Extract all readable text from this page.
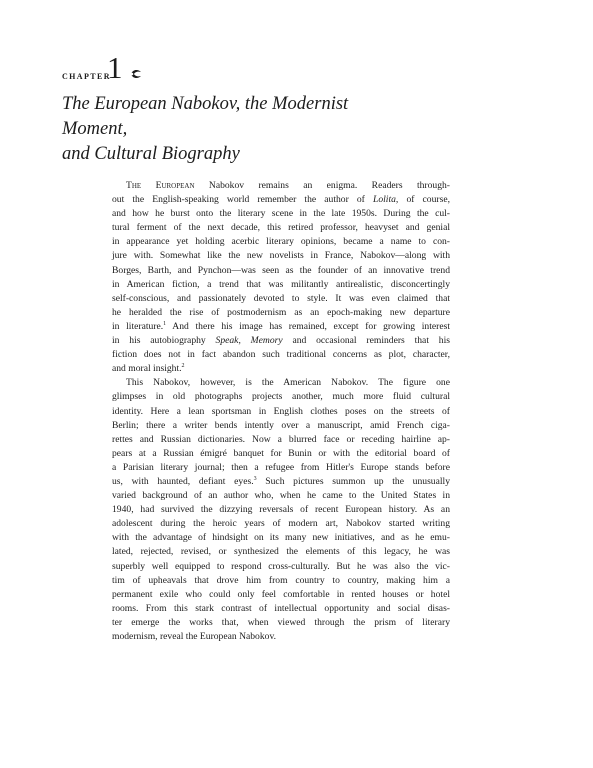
CHAPTER
1
The European Nabokov, the Modernist Moment,
and Cultural Biography
The European Nabokov remains an enigma. Readers through-
out the English-speaking world remember the author of Lolita, of course,
and how he burst onto the literary scene in the late 1950s. During the cul-
tural ferment of the next decade, this retired professor, heavyset and genial
in appearance yet holding acerbic literary opinions, became a name to con-
jure with. Somewhat like the new novelists in France, Nabokov—along with
Borges, Barth, and Pynchon—was seen as the founder of an innovative trend
in American fiction, a trend that was militantly antirealistic, disconcertingly
self-conscious, and passionately devoted to style. It was even claimed that
he heralded the rise of postmodernism as an epoch-making new departure
in literature.$^1$ And there his image has remained, except for growing interest
in his autobiography Speak, Memory and occasional reminders that his
fiction does not in fact abandon such traditional concerns as plot, character,
and moral insight.$^2$
This Nabokov, however, is the American Nabokov. The figure one
glimpses in old photographs projects another, much more fluid cultural
identity. Here a lean sportsman in English clothes poses on the streets of
Berlin; there a writer bends intently over a manuscript, amid French ciga-
rettes and Russian dictionaries. Now a blurred face or receding hairline ap-
pears at a Russian émigré banquet for Bunin or with the editorial board of
a Parisian literary journal; then a refugee from Hitler's Europe stands before
us, with haunted, defiant eyes.$^3$ Such pictures summon up the unusually
varied background of an author who, when he came to the United States in
1940, had survived the dizzying reversals of recent European history. As an
adolescent during the heroic years of modern art, Nabokov started writing
with the advantage of hindsight on its many new initiatives, and as he emu-
lated, rejected, revised, or synthesized the elements of this legacy, he was
superbly well equipped to respond cross-culturally. But he was also the vic-
tim of upheavals that drove him from country to country, making him a
permanent exile who could only feel comfortable in rented houses or hotel
rooms. From this stark contrast of intellectual opportunity and social disas-
ter emerge the works that, when viewed through the prism of literary
modernism, reveal the European Nabokov.
